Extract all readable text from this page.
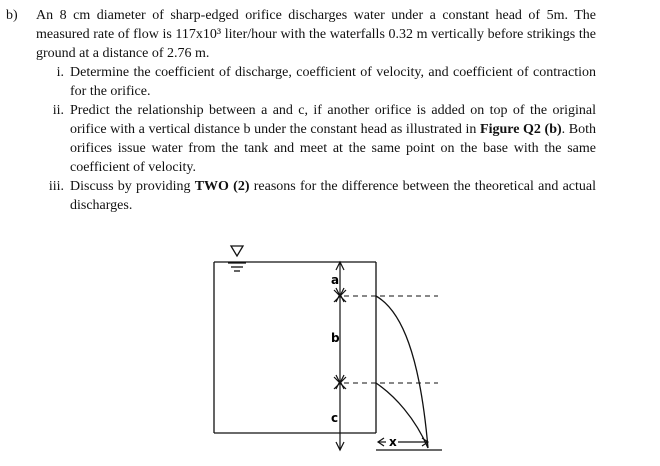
b)	An 8 cm diameter of sharp-edged orifice discharges water under a constant head of 5m. The measured rate of flow is 117x10³ liter/hour with the waterfalls 0.32 m vertically before strikings the ground at a distance of 2.76 m.
i. Determine the coefficient of discharge, coefficient of velocity, and coefficient of contraction for the orifice.
ii. Predict the relationship between a and c, if another orifice is added on top of the original orifice with a vertical distance b under the constant head as illustrated in Figure Q2 (b). Both orifices issue water from the tank and meet at the same point on the base with the same coefficient of velocity.
iii. Discuss by providing TWO (2) reasons for the difference between the theoretical and actual discharges.
a
b
c
x
